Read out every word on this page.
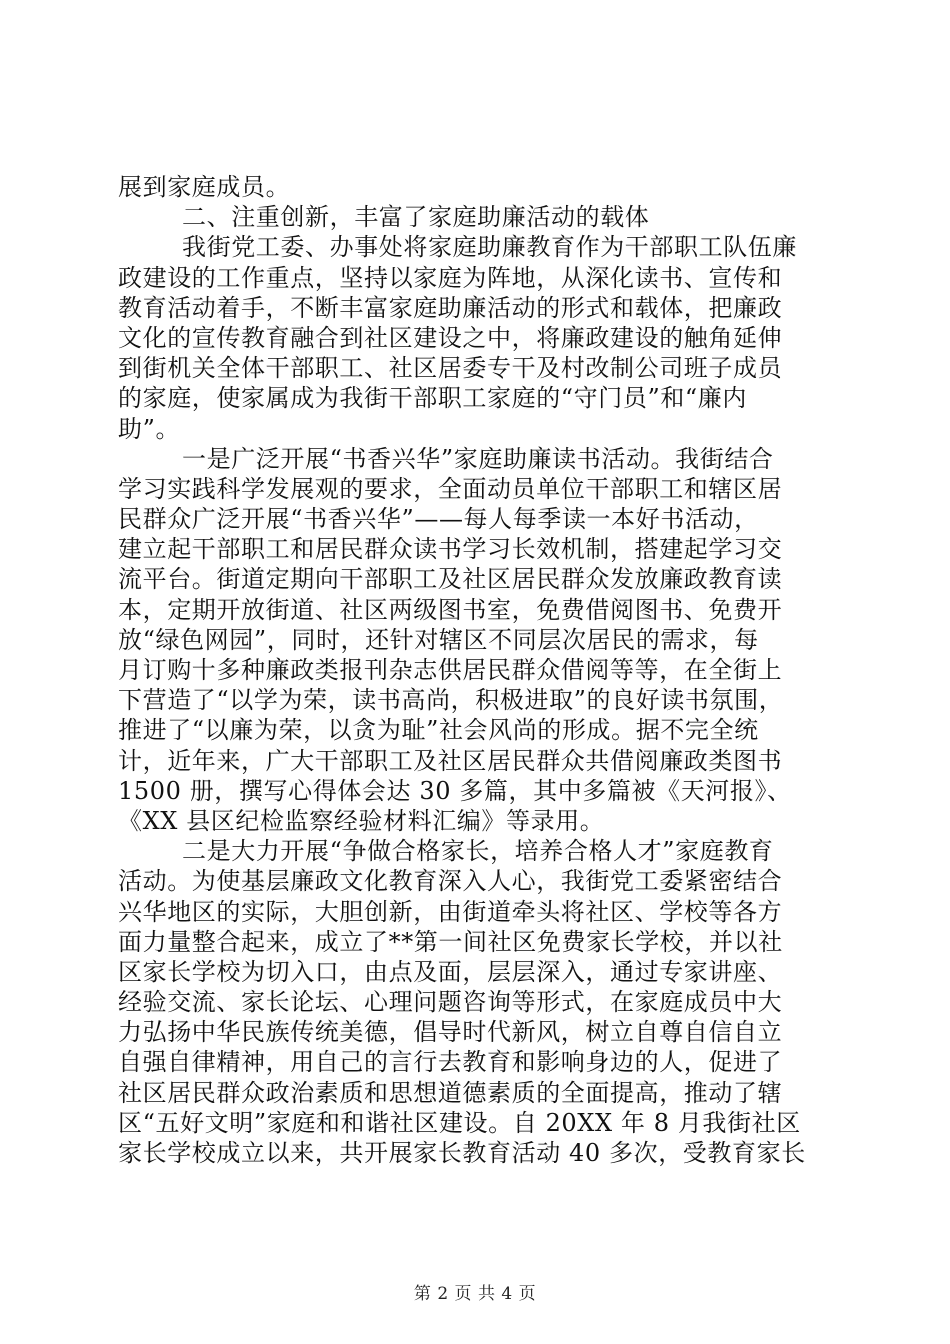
展到家庭成员。
二、注重创新，丰富了家庭助廉活动的载体
我街党工委、办事处将家庭助廉教育作为干部职工队伍廉
政建设的工作重点，坚持以家庭为阵地，从深化读书、宣传和
教育活动着手，不断丰富家庭助廉活动的形式和载体，把廉政
文化的宣传教育融合到社区建设之中，将廉政建设的触角延伸
到街机关全体干部职工、社区居委专干及村改制公司班子成员
的家庭，使家属成为我街干部职工家庭的“守门员”和“廉内
助”。
一是广泛开展“书香兴华”家庭助廉读书活动。我街结合
学习实践科学发展观的要求，全面动员单位干部职工和辖区居
民群众广泛开展“书香兴华”——每人每季读一本好书活动，
建立起干部职工和居民群众读书学习长效机制，搭建起学习交
流平台。街道定期向干部职工及社区居民群众发放廉政教育读
本，定期开放街道、社区两级图书室，免费借阅图书、免费开
放“绿色网园”，同时，还针对辖区不同层次居民的需求，每
月订购十多种廉政类报刊杂志供居民群众借阅等等，在全街上
下营造了“以学为荣，读书高尚，积极进取”的良好读书氛围，
推进了“以廉为荣，以贪为耻”社会风尚的形成。据不完全统
计，近年来，广大干部职工及社区居民群众共借阅廉政类图书
1500 册，撰写心得体会达 30 多篇，其中多篇被《天河报》、
《XX 县区纪检监察经验材料汇编》等录用。
二是大力开展“争做合格家长，培养合格人才”家庭教育
活动。为使基层廉政文化教育深入人心，我街党工委紧密结合
兴华地区的实际，大胆创新，由街道牵头将社区、学校等各方
面力量整合起来，成立了**第一间社区免费家长学校，并以社
区家长学校为切入口，由点及面，层层深入，通过专家讲座、
经验交流、家长论坛、心理问题咨询等形式，在家庭成员中大
力弘扬中华民族传统美德，倡导时代新风，树立自尊自信自立
自强自律精神，用自己的言行去教育和影响身边的人，促进了
社区居民群众政治素质和思想道德素质的全面提高，推动了辖
区“五好文明”家庭和和谐社区建设。自 20XX 年 8 月我街社区
家长学校成立以来，共开展家长教育活动 40 多次，受教育家长
第 2 页 共 4 页
